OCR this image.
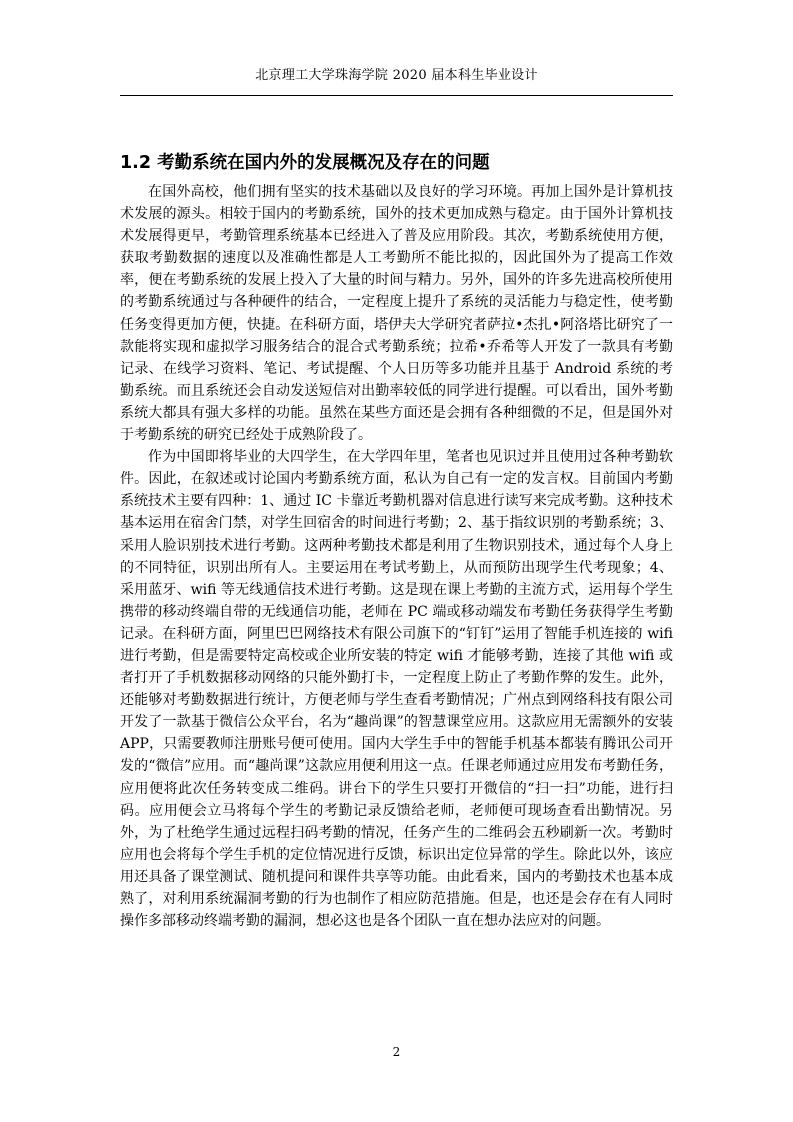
北京理工大学珠海学院 2020 届本科生毕业设计
1.2 考勤系统在国内外的发展概况及存在的问题

在国外高校，他们拥有坚实的技术基础以及良好的学习环境。再加上国外是计算机技术发展的源头。相较于国内的考勤系统，国外的技术更加成熟与稳定。由于国外计算机技术发展得更早，考勤管理系统基本已经进入了普及应用阶段。其次，考勤系统使用方便，获取考勤数据的速度以及准确性都是人工考勤所不能比拟的，因此国外为了提高工作效率，便在考勤系统的发展上投入了大量的时间与精力。另外，国外的许多先进高校所使用的考勤系统通过与各种硬件的结合，一定程度上提升了系统的灵活能力与稳定性，使考勤任务变得更加方便，快捷。在科研方面，塔伊夫大学研究者萨拉•杰扎•阿洛塔比研究了一款能将实现和虚拟学习服务结合的混合式考勤系统；拉希•乔希等人开发了一款具有考勤记录、在线学习资料、笔记、考试提醒、个人日历等多功能并且基于 Android 系统的考勤系统。而且系统还会自动发送短信对出勤率较低的同学进行提醒。可以看出，国外考勤系统大都具有强大多样的功能。虽然在某些方面还是会拥有各种细微的不足，但是国外对于考勤系统的研究已经处于成熟阶段了。

作为中国即将毕业的大四学生，在大学四年里，笔者也见识过并且使用过各种考勤软件。因此，在叙述或讨论国内考勤系统方面，私认为自己有一定的发言权。目前国内考勤系统技术主要有四种：1、通过 IC 卡靠近考勤机器对信息进行读写来完成考勤。这种技术基本运用在宿舍门禁，对学生回宿舍的时间进行考勤；2、基于指纹识别的考勤系统；3、采用人脸识别技术进行考勤。这两种考勤技术都是利用了生物识别技术，通过每个人身上的不同特征，识别出所有人。主要运用在考试考勤上，从而预防出现学生代考现象；4、采用蓝牙、wifi 等无线通信技术进行考勤。这是现在课上考勤的主流方式，运用每个学生携带的移动终端自带的无线通信功能，老师在 PC 端或移动端发布考勤任务获得学生考勤记录。在科研方面，阿里巴巴网络技术有限公司旗下的“钉钉”运用了智能手机连接的 wifi 进行考勤，但是需要特定高校或企业所安装的特定 wifi 才能够考勤，连接了其他 wifi 或者打开了手机数据移动网络的只能外勤打卡，一定程度上防止了考勤作弊的发生。此外，还能够对考勤数据进行统计，方便老师与学生查看考勤情况；广州点到网络科技有限公司开发了一款基于微信公众平台，名为“趣尚课”的智慧课堂应用。这款应用无需额外的安装 APP，只需要教师注册账号便可使用。国内大学生手中的智能手机基本都装有腾讯公司开发的“微信”应用。而“趣尚课”这款应用便利用这一点。任课老师通过应用发布考勤任务，应用便将此次任务转变成二维码。讲台下的学生只要打开微信的“扫一扫”功能，进行扫码。应用便会立马将每个学生的考勤记录反馈给老师，老师便可现场查看出勤情况。另外，为了杜绝学生通过远程扫码考勤的情况，任务产生的二维码会五秒刷新一次。考勤时应用也会将每个学生手机的定位情况进行反馈，标识出定位异常的学生。除此以外，该应用还具备了课堂测试、随机提问和课件共享等功能。由此看来，国内的考勤技术也基本成熟了，对利用系统漏洞考勤的行为也制作了相应防范措施。但是，也还是会存在有人同时操作多部移动终端考勤的漏洞，想必这也是各个团队一直在想办法应对的问题。

2
